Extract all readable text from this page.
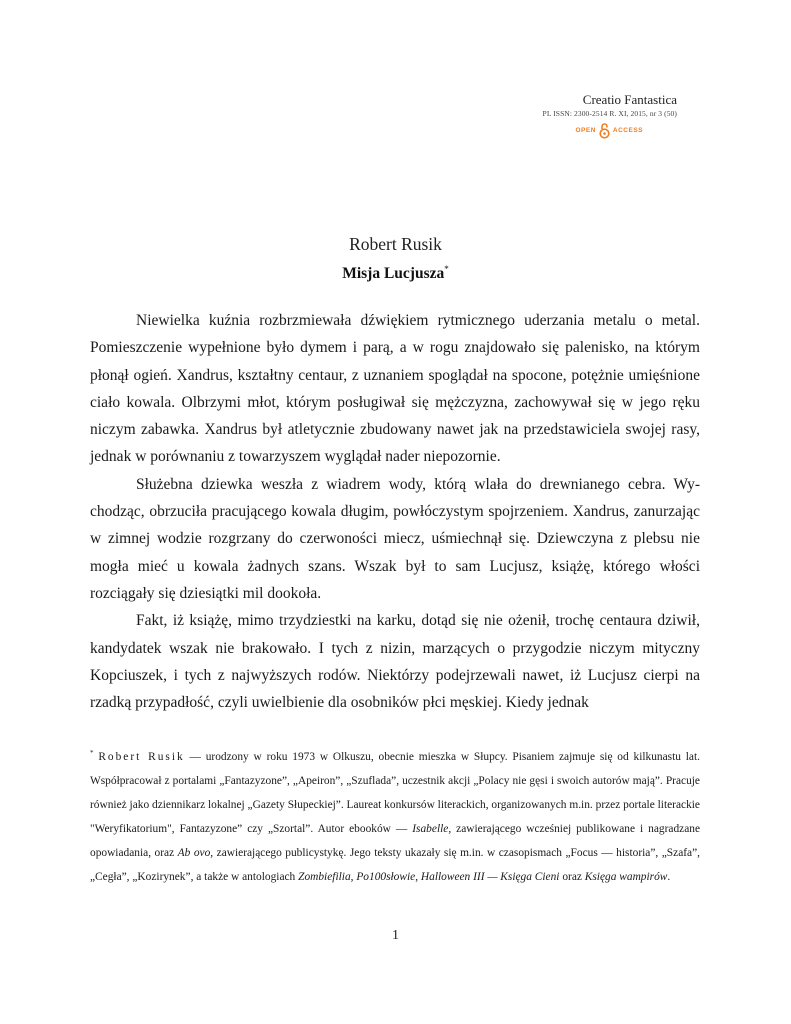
Creatio Fantastica
PL ISSN: 2300-2514 R. XI, 2015, nr 3 (50)
OPEN	ACCESS
Robert Rusik
Misja Lucjusza*

Niewielka kuźnia rozbrzmiewała dźwiękiem rytmicznego uderzania metalu o metal. Pomieszczenie wypełnione było dymem i parą, a w rogu znajdowało się palenisko, na którym płonął ogień. Xandrus, kształtny centaur, z uznaniem spoglądał na spocone, potężnie umięśnione ciało kowala. Olbrzymi młot, którym posługiwał się mężczyzna, zachowywał się w jego ręku niczym zabawka. Xandrus był atletycznie zbudowany nawet jak na przedstawiciela swojej rasy, jednak w porównaniu z towarzyszem wyglądał nader niepozornie.

Służebna dziewka weszła z wiadrem wody, którą wlała do drewnianego cebra. Wychodząc, obrzuciła pracującego kowala długim, powłóczystym spojrzeniem. Xandrus, zanurzając w zimnej wodzie rozgrzany do czerwoności miecz, uśmiechnął się. Dziewczyna z plebsu nie mogła mieć u kowala żadnych szans. Wszak był to sam Lucjusz, książę, którego włości rozciągały się dziesiątki mil dookoła.

Fakt, iż książę, mimo trzydziestki na karku, dotąd się nie ożenił, trochę centaura dziwił, kandydatek wszak nie brakowało. I tych z nizin, marzących o przygodzie niczym mityczny Kopciuszek, i tych z najwyższych rodów. Niektórzy podejrzewali nawet, iż Lucjusz cierpi na rzadką przypadłość, czyli uwielbienie dla osobników płci męskiej. Kiedy jednak

* Robert Rusik — urodzony w roku 1973 w Olkuszu, obecnie mieszka w Słupcy. Pisaniem zajmuje się od kilkunastu lat. Współpracował z portalami „Fantazyzone”, „Apeiron”, „Szuflada”, uczestnik akcji „Polacy nie gęsi i swoich autorów mają”. Pracuje również jako dziennikarz lokalnej „Gazety Słupeckiej”. Laureat konkursów literackich, organizowanych m.in. przez portale literackie "Weryfikatorium", Fantazyzone” czy „Szortal”. Autor ebooków — Isabelle, zawierającego wcześniej publikowane i nagradzane opowiadania, oraz Ab ovo, zawierającego publicystykę. Jego teksty ukazały się m.in. w czasopismach „Focus — historia”, „Szafa”, „Cegła”, „Kozirynek”, a także w antologiach Zombiefilia, Po100słowie, Halloween III — Księga Cieni oraz Księga wampirów.
1
